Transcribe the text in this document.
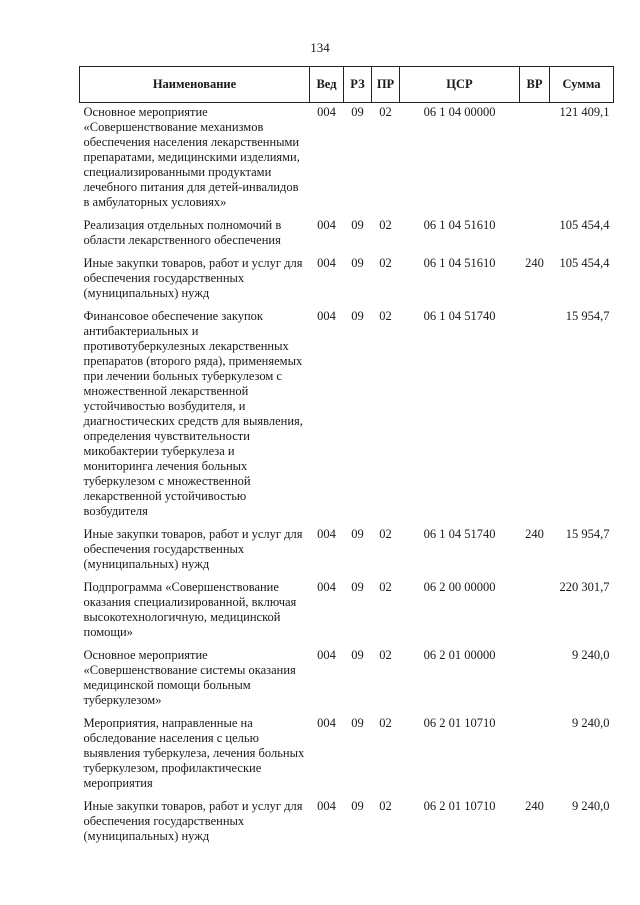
134
Наименование	Вед	РЗ	ПР	ЦСР	ВР	Сумма
Основное мероприятие «Совершенствование механизмов обеспечения населения лекарственными препаратами, медицинскими изделиями, специализированными продуктами лечебного питания для детей-инвалидов в амбулаторных условиях»	004	09	02	06 1 04 00000		121 409,1
Реализация отдельных полномочий в области лекарственного обеспечения	004	09	02	06 1 04 51610		105 454,4
Иные закупки товаров, работ и услуг для обеспечения государственных (муниципальных) нужд	004	09	02	06 1 04 51610	240	105 454,4
Финансовое обеспечение закупок антибактериальных и противотуберкулезных лекарственных препаратов (второго ряда), применяемых при лечении больных туберкулезом с множественной лекарственной устойчивостью возбудителя, и диагностических средств для выявления, определения чувствительности микобактерии туберкулеза и мониторинга лечения больных туберкулезом с множественной лекарственной устойчивостью возбудителя	004	09	02	06 1 04 51740		15 954,7
Иные закупки товаров, работ и услуг для обеспечения государственных (муниципальных) нужд	004	09	02	06 1 04 51740	240	15 954,7
Подпрограмма «Совершенствование оказания специализированной, включая высокотехнологичную, медицинской помощи»	004	09	02	06 2 00 00000		220 301,7
Основное мероприятие «Совершенствование системы оказания медицинской помощи больным туберкулезом»	004	09	02	06 2 01 00000		9 240,0
Мероприятия, направленные на обследование населения с целью выявления туберкулеза, лечения больных туберкулезом, профилактические мероприятия	004	09	02	06 2 01 10710		9 240,0
Иные закупки товаров, работ и услуг для обеспечения государственных (муниципальных) нужд	004	09	02	06 2 01 10710	240	9 240,0
